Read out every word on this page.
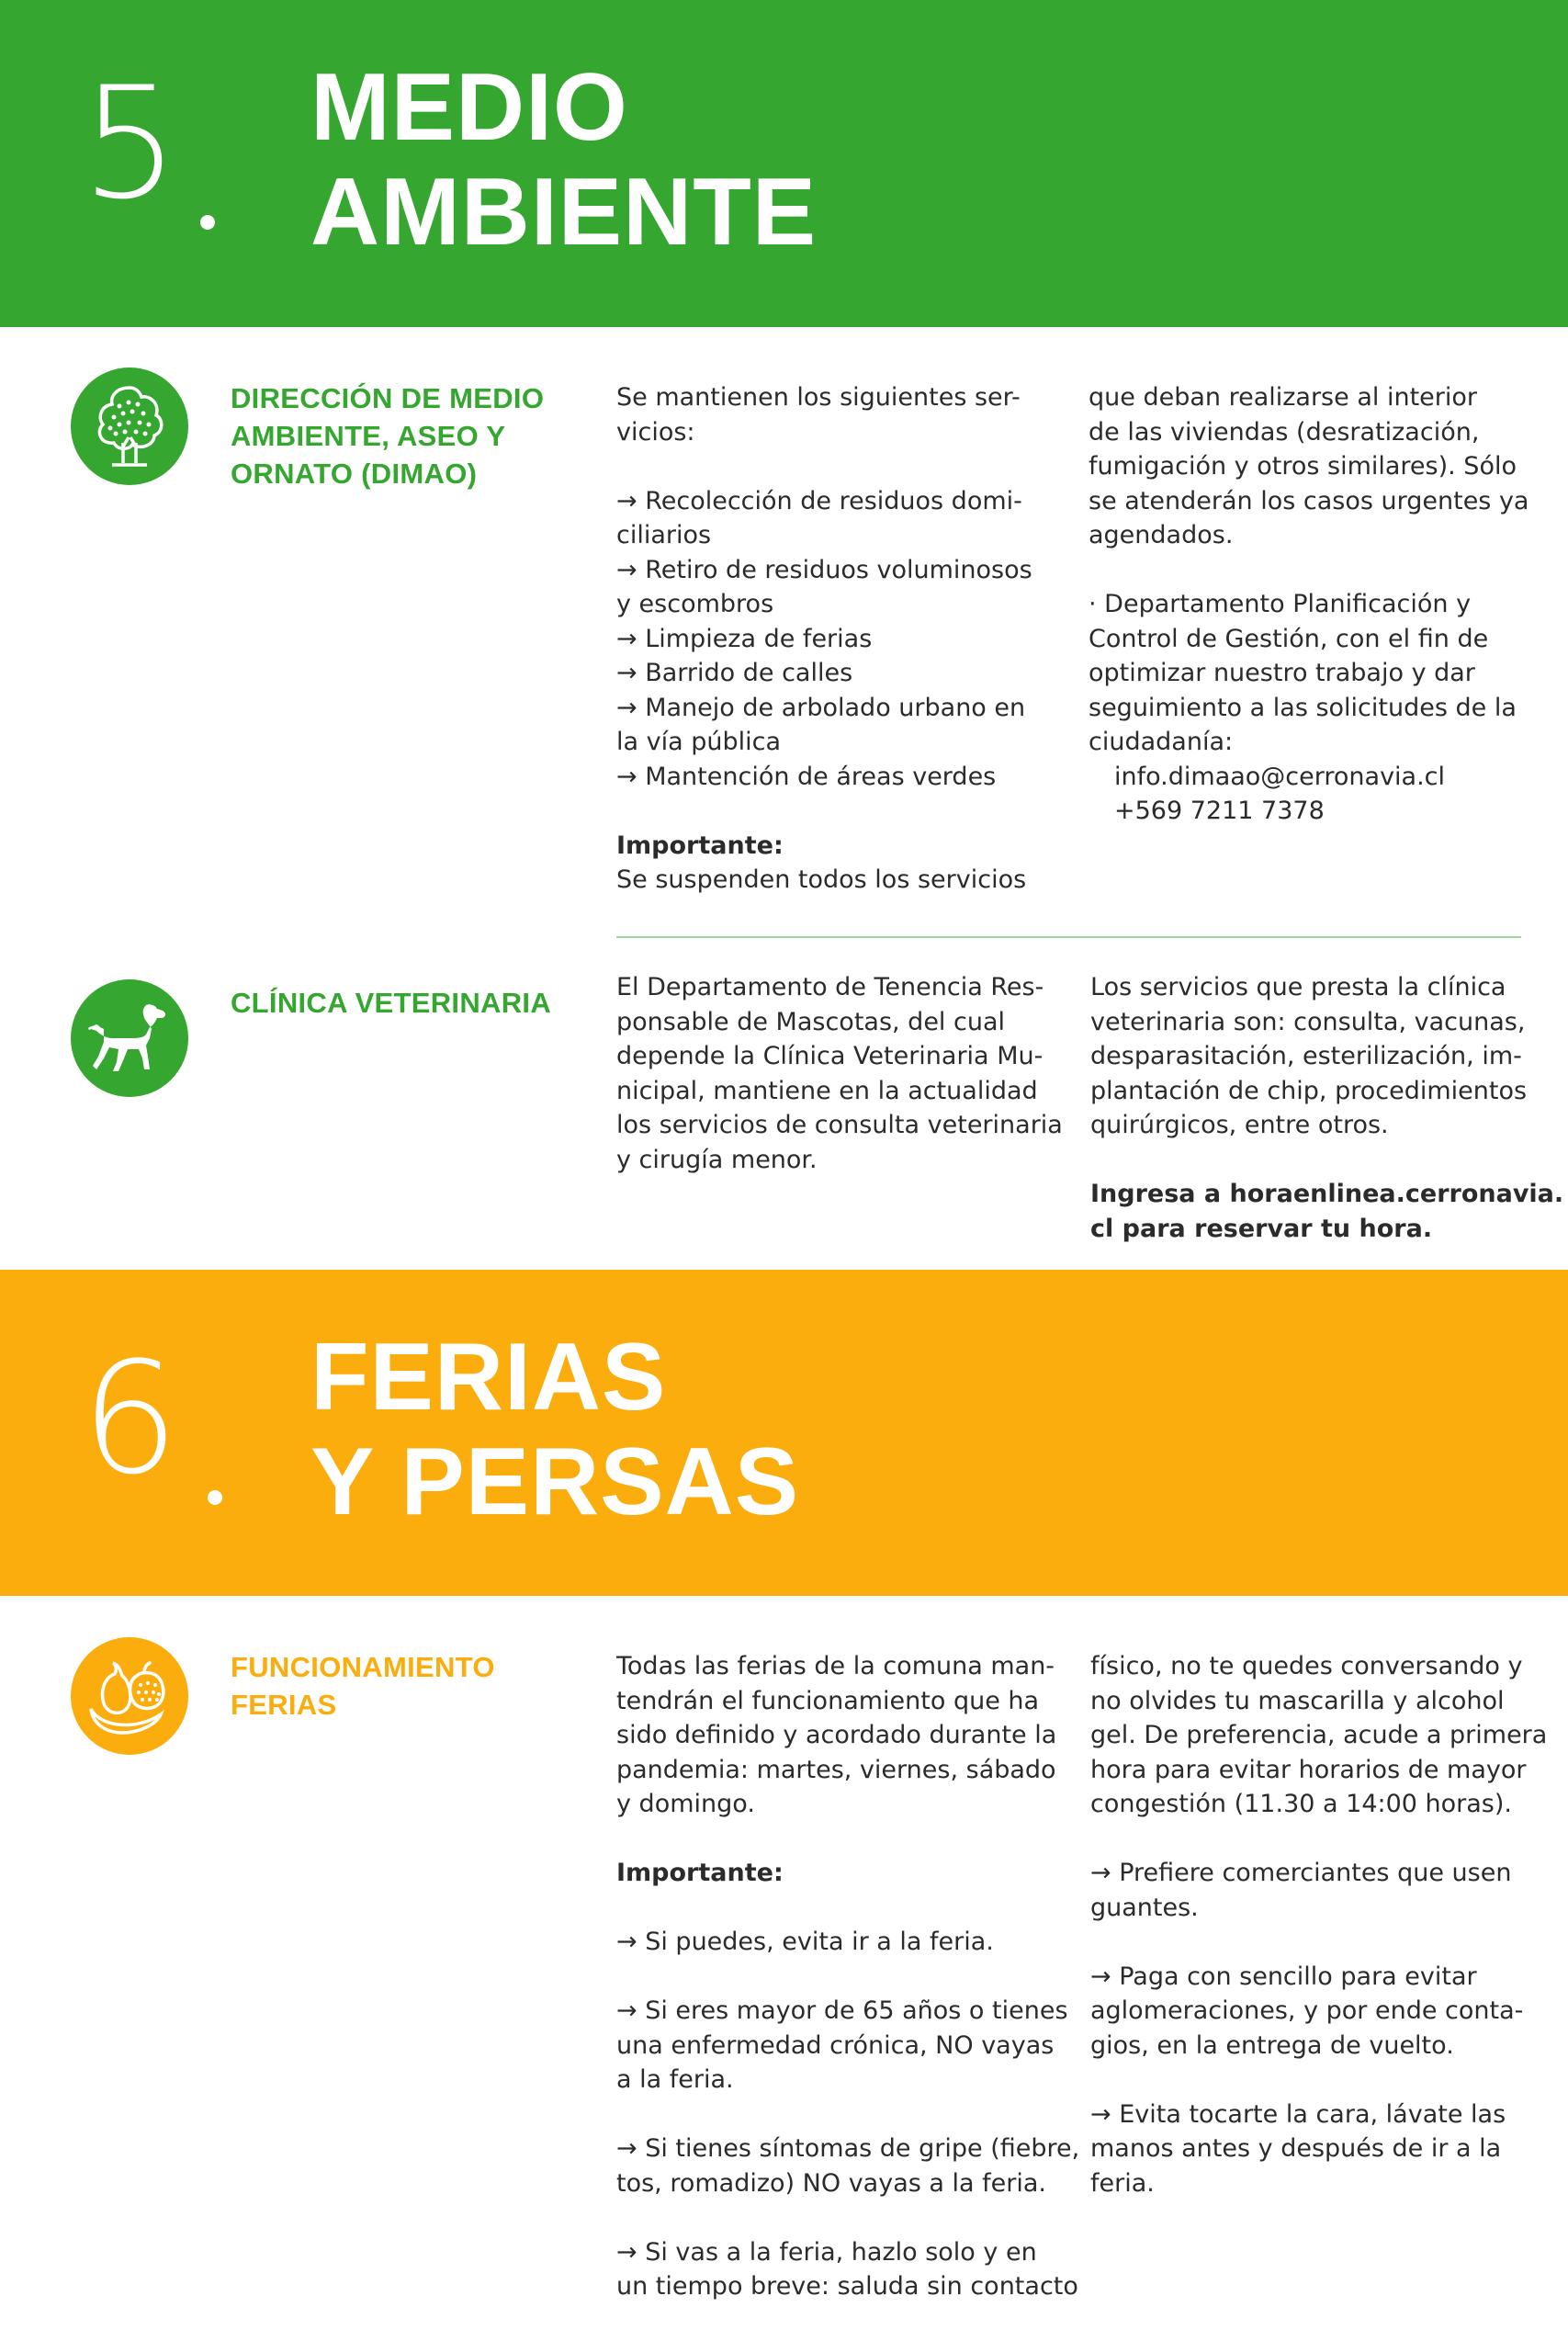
5 MEDIO
AMBIENTE
DIRECCIÓN DE MEDIO
AMBIENTE, ASEO Y
ORNATO (DIMAO)
Se mantienen los siguientes ser-
vicios:
→ Recolección de residuos domi-
ciliarios
→ Retiro de residuos voluminosos
y escombros
→ Limpieza de ferias
→ Barrido de calles
→ Manejo de arbolado urbano en
la vía pública
→ Mantención de áreas verdes
Importante:
Se suspenden todos los servicios
que deban realizarse al interior
de las viviendas (desratización,
fumigación y otros similares). Sólo
se atenderán los casos urgentes ya
agendados.
· Departamento Planificación y
Control de Gestión, con el fin de
optimizar nuestro trabajo y dar
seguimiento a las solicitudes de la
ciudadanía:
info.dimaao@cerronavia.cl
+569 7211 7378
CLÍNICA VETERINARIA	El Departamento de Tenencia Res-
ponsable de Mascotas, del cual
depende la Clínica Veterinaria Mu-
nicipal, mantiene en la actualidad
los servicios de consulta veterinaria
y cirugía menor.
Los servicios que presta la clínica
veterinaria son: consulta, vacunas,
desparasitación, esterilización, im-
plantación de chip, procedimientos
quirúrgicos, entre otros.
Ingresa a horaenlinea.cerronavia.
cl para reservar tu hora.
6 FERIAS
Y PERSAS
FUNCIONAMIENTO
FERIAS
Todas las ferias de la comuna man-
tendrán el funcionamiento que ha
sido definido y acordado durante la
pandemia: martes, viernes, sábado
y domingo.
Importante:
→ Si puedes, evita ir a la feria.
→ Si eres mayor de 65 años o tienes
una enfermedad crónica, NO vayas
a la feria.
→ Si tienes síntomas de gripe (fiebre,
tos, romadizo) NO vayas a la feria.
→ Si vas a la feria, hazlo solo y en
un tiempo breve: saluda sin contacto
físico, no te quedes conversando y
no olvides tu mascarilla y alcohol
gel. De preferencia, acude a primera
hora para evitar horarios de mayor
congestión (11.30 a 14:00 horas).
→ Prefiere comerciantes que usen
guantes.
→ Paga con sencillo para evitar
aglomeraciones, y por ende conta-
gios, en la entrega de vuelto.
→ Evita tocarte la cara, lávate las
manos antes y después de ir a la
feria.
